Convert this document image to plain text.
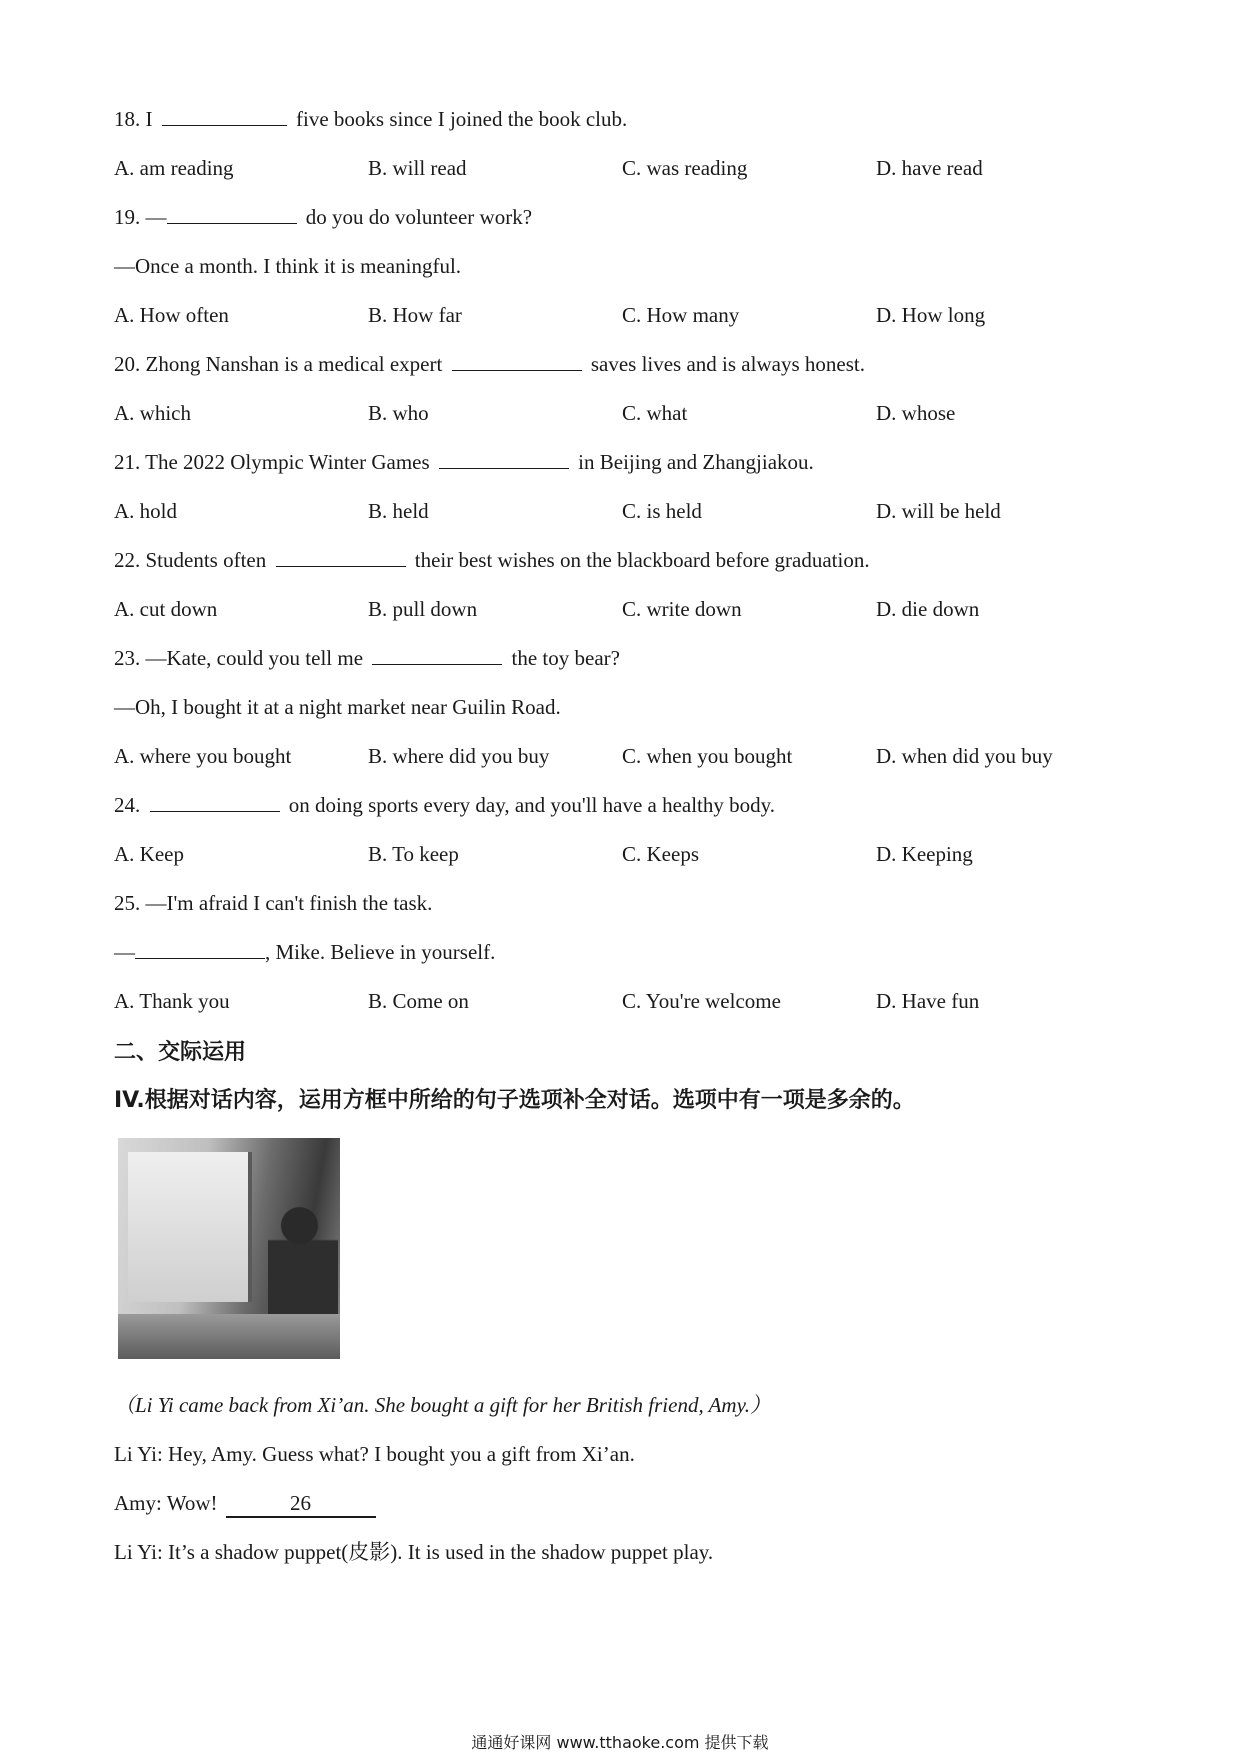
18. I	five books since I joined the book club.
A. am reading	B. will read	C. was reading	D. have read
19. —	do you do volunteer work?
—Once a month. I think it is meaningful.
A. How often	B. How far	C. How many	D. How long
20. Zhong Nanshan is a medical expert	saves lives and is always honest.
A. which	B. who	C. what	D. whose
21. The 2022 Olympic Winter Games	in Beijing and Zhangjiakou.
A. hold	B. held	C. is held	D. will be held
22. Students often	their best wishes on the blackboard before graduation.
A. cut down	B. pull down	C. write down	D. die down
23. —Kate, could you tell me	the toy bear?
—Oh, I bought it at a night market near Guilin Road.
A. where you bought	B. where did you buy	C. when you bought	D. when did you buy
24.	on doing sports every day, and you'll have a healthy body.
A. Keep	B. To keep	C. Keeps	D. Keeping
25. —I'm afraid I can't finish the task.
—	, Mike. Believe in yourself.
A. Thank you	B. Come on	C. You're welcome	D. Have fun
二、交际运用
IV.根据对话内容，运用方框中所给的句子选项补全对话。选项中有一项是多余的。
（Li Yi came back from Xi’an. She bought a gift for her British friend, Amy.）
Li Yi: Hey, Amy. Guess what? I bought you a gift from Xi’an.
Amy: Wow!	26
Li Yi: It’s a shadow puppet(皮影). It is used in the shadow puppet play.
通通好课网 www.tthaoke.com 提供下载
